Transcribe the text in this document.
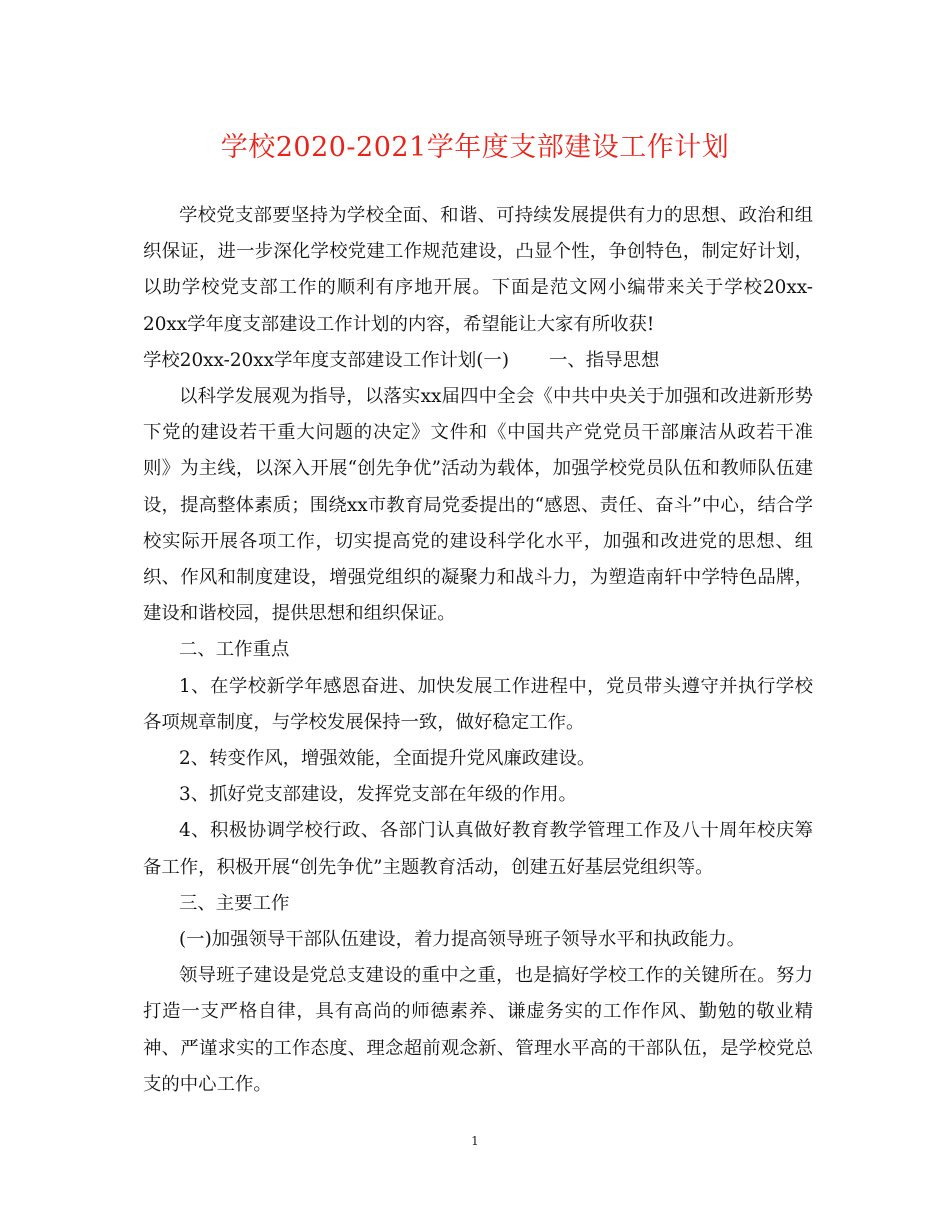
学校2020-2021学年度支部建设工作计划

学校党支部要坚持为学校全面、和谐、可持续发展提供有力的思想、政治和组织保证，进一步深化学校党建工作规范建设，凸显个性，争创特色，制定好计划，以助学校党支部工作的顺利有序地开展。下面是范文网小编带来关于学校20xx-20xx学年度支部建设工作计划的内容，希望能让大家有所收获!

学校20xx-20xx学年度支部建设工作计划(一) 一、指导思想

以科学发展观为指导，以落实xx届四中全会《中共中央关于加强和改进新形势下党的建设若干重大问题的决定》文件和《中国共产党党员干部廉洁从政若干准则》为主线，以深入开展“创先争优”活动为载体，加强学校党员队伍和教师队伍建设，提高整体素质；围绕xx市教育局党委提出的“感恩、责任、奋斗”中心，结合学校实际开展各项工作，切实提高党的建设科学化水平，加强和改进党的思想、组织、作风和制度建设，增强党组织的凝聚力和战斗力，为塑造南轩中学特色品牌，建设和谐校园，提供思想和组织保证。

二、工作重点

1、在学校新学年感恩奋进、加快发展工作进程中，党员带头遵守并执行学校各项规章制度，与学校发展保持一致，做好稳定工作。

2、转变作风，增强效能，全面提升党风廉政建设。

3、抓好党支部建设，发挥党支部在年级的作用。

4、积极协调学校行政、各部门认真做好教育教学管理工作及八十周年校庆筹备工作，积极开展“创先争优”主题教育活动，创建五好基层党组织等。

三、主要工作

(一)加强领导干部队伍建设，着力提高领导班子领导水平和执政能力。

领导班子建设是党总支建设的重中之重，也是搞好学校工作的关键所在。努力打造一支严格自律，具有高尚的师德素养、谦虚务实的工作作风、勤勉的敬业精神、严谨求实的工作态度、理念超前观念新、管理水平高的干部队伍，是学校党总支的中心工作。

1
